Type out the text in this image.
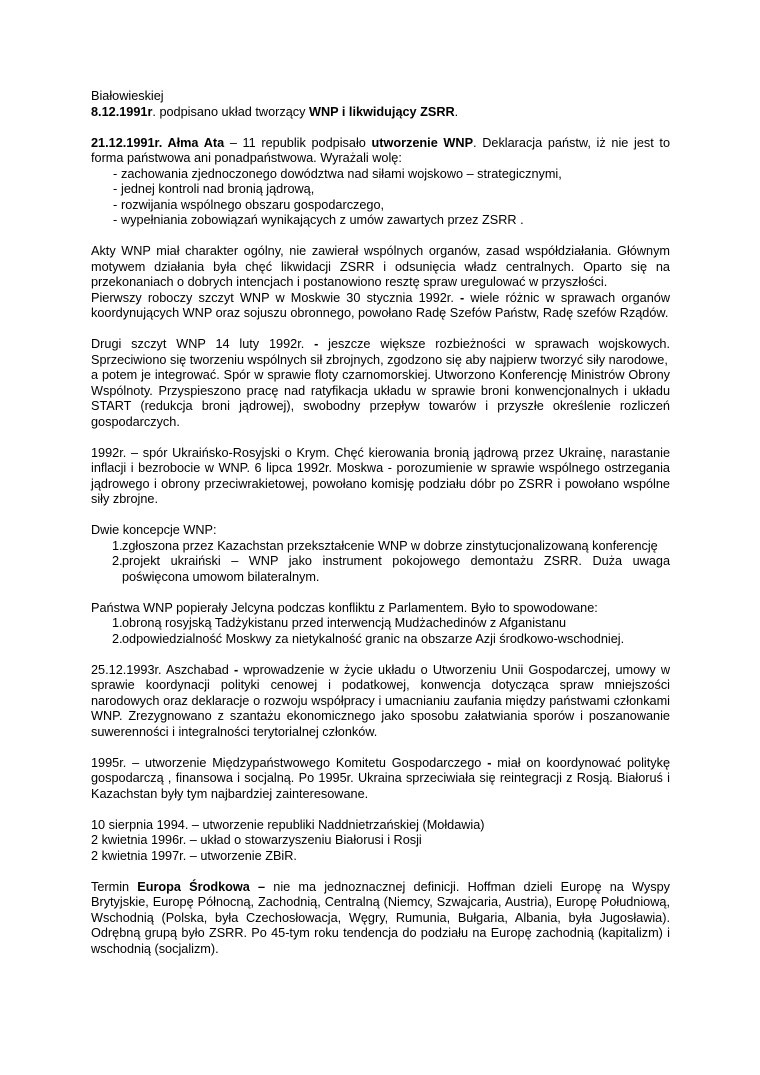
Białowieskiej

8.12.1991r. podpisano układ tworzący WNP i likwidujący ZSRR.

21.12.1991r. Ałma Ata – 11 republik podpisało utworzenie WNP. Deklaracja państw, iż nie jest to forma państwowa ani ponadpaństwowa. Wyrażali wolę:

- zachowania zjednoczonego dowództwa nad siłami wojskowo – strategicznymi,
- jednej kontroli nad bronią jądrową,
- rozwijania wspólnego obszaru gospodarczego,
- wypełniania zobowiązań wynikających z umów zawartych przez ZSRR .

Akty WNP miał charakter ogólny, nie zawierał wspólnych organów, zasad współdziałania. Głównym motywem działania była chęć likwidacji ZSRR i odsunięcia władz centralnych. Oparto się na przekonaniach o dobrych intencjach i postanowiono resztę spraw uregulować w przyszłości.

Pierwszy roboczy szczyt WNP w Moskwie 30 stycznia 1992r. - wiele różnic w sprawach organów koordynujących WNP oraz sojuszu obronnego, powołano Radę Szefów Państw, Radę szefów Rządów.

Drugi szczyt WNP 14 luty 1992r. - jeszcze większe rozbieżności w sprawach wojskowych. Sprzeciwiono się tworzeniu wspólnych sił zbrojnych, zgodzono się aby najpierw tworzyć siły narodowe,

a potem je integrować. Spór w sprawie floty czarnomorskiej. Utworzono Konferencję Ministrów Obrony Wspólnoty. Przyspieszono pracę nad ratyfikacja układu w sprawie broni konwencjonalnych i układu START (redukcja broni jądrowej), swobodny przepływ towarów i przyszłe określenie rozliczeń gospodarczych.

1992r. – spór Ukraińsko-Rosyjski o Krym. Chęć kierowania bronią jądrową przez Ukrainę, narastanie inflacji i bezrobocie w WNP. 6 lipca 1992r. Moskwa - porozumienie w sprawie wspólnego ostrzegania jądrowego i obrony przeciwrakietowej, powołano komisję podziału dóbr po ZSRR i powołano wspólne siły zbrojne.

Dwie koncepcje WNP:

1. zgłoszona przez Kazachstan przekształcenie WNP w dobrze zinstytucjonalizowaną konferencję
2. projekt ukraiński – WNP jako instrument pokojowego demontażu ZSRR. Duża uwaga poświęcona umowom bilateralnym.

Państwa WNP popierały Jelcyna podczas konfliktu z Parlamentem. Było to spowodowane:

1. obroną rosyjską Tadżykistanu przed interwencją Mudżachedinów z Afganistanu
2. odpowiedzialność Moskwy za nietykalność granic na obszarze Azji środkowo-wschodniej.

25.12.1993r. Aszchabad - wprowadzenie w życie układu o Utworzeniu Unii Gospodarczej, umowy w sprawie koordynacji polityki cenowej i podatkowej, konwencja dotycząca spraw mniejszości narodowych oraz deklaracje o rozwoju współpracy i umacnianiu zaufania między państwami członkami WNP. Zrezygnowano z szantażu ekonomicznego jako sposobu załatwiania sporów i poszanowanie suwerenności i integralności terytorialnej członków.

1995r. – utworzenie Międzypaństwowego Komitetu Gospodarczego - miał on koordynować politykę gospodarczą , finansowa i socjalną. Po 1995r. Ukraina sprzeciwiała się reintegracji z Rosją. Białoruś i Kazachstan były tym najbardziej zainteresowane.

10 sierpnia 1994. – utworzenie republiki Naddnietrzańskiej (Mołdawia)

2 kwietnia 1996r. – układ o stowarzyszeniu Białorusi i Rosji

2 kwietnia 1997r. – utworzenie ZBiR.

Termin Europa Środkowa – nie ma jednoznacznej definicji. Hoffman dzieli Europę na Wyspy Brytyjskie, Europę Północną, Zachodnią, Centralną (Niemcy, Szwajcaria, Austria), Europę Południową, Wschodnią (Polska, była Czechosłowacja, Węgry, Rumunia, Bułgaria, Albania, była Jugosławia). Odrębną grupą było ZSRR. Po 45-tym roku tendencja do podziału na Europę zachodnią (kapitalizm) i wschodnią (socjalizm).
